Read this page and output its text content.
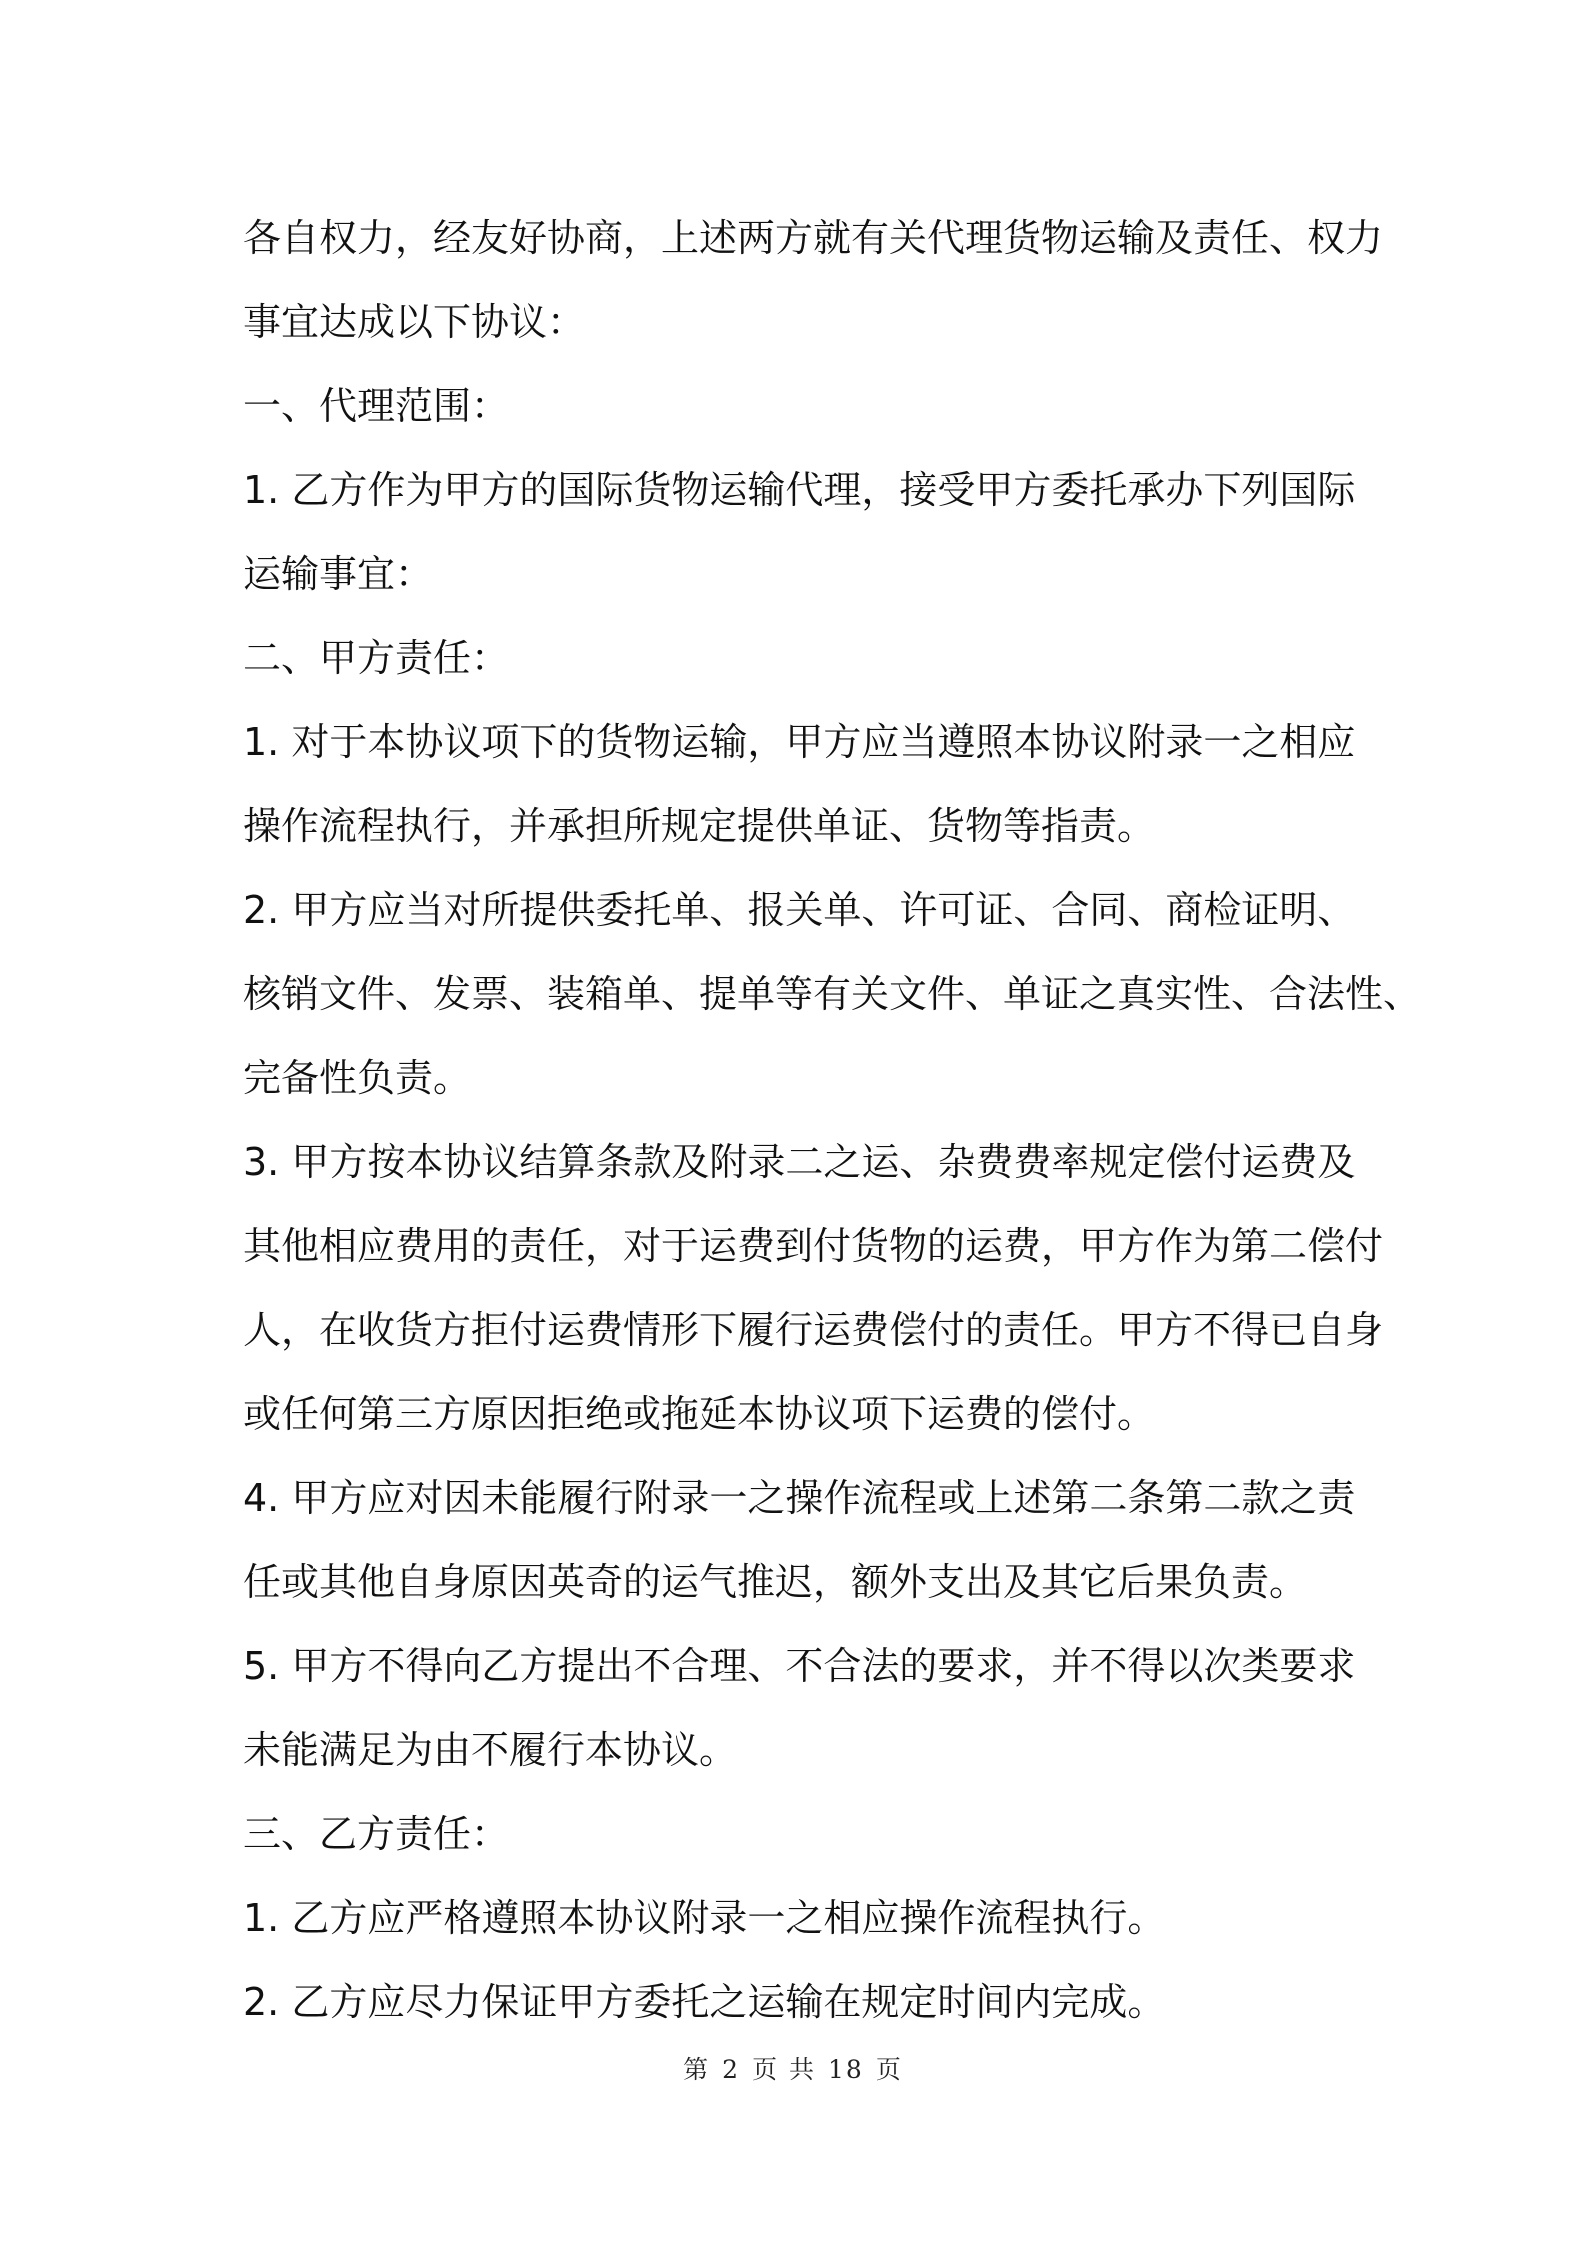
各自权力，经友好协商，上述两方就有关代理货物运输及责任、权力
事宜达成以下协议：
一、代理范围：
1. 乙方作为甲方的国际货物运输代理，接受甲方委托承办下列国际
运输事宜：
二、甲方责任：
1. 对于本协议项下的货物运输，甲方应当遵照本协议附录一之相应
操作流程执行，并承担所规定提供单证、货物等指责。
2. 甲方应当对所提供委托单、报关单、许可证、合同、商检证明、
核销文件、发票、装箱单、提单等有关文件、单证之真实性、合法性、
完备性负责。
3. 甲方按本协议结算条款及附录二之运、杂费费率规定偿付运费及
其他相应费用的责任，对于运费到付货物的运费，甲方作为第二偿付
人，在收货方拒付运费情形下履行运费偿付的责任。甲方不得已自身
或任何第三方原因拒绝或拖延本协议项下运费的偿付。
4. 甲方应对因未能履行附录一之操作流程或上述第二条第二款之责
任或其他自身原因英奇的运气推迟，额外支出及其它后果负责。
5. 甲方不得向乙方提出不合理、不合法的要求，并不得以次类要求
未能满足为由不履行本协议。
三、乙方责任：
1. 乙方应严格遵照本协议附录一之相应操作流程执行。
2. 乙方应尽力保证甲方委托之运输在规定时间内完成。
第 2 页 共 18 页
